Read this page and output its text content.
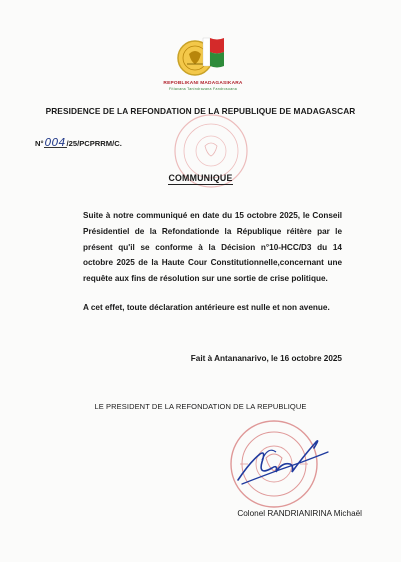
REPOBLIKANI MADAGASIKARA
Fitiavana Tanindrazana Fandrosoana
PRESIDENCE DE LA REFONDATION DE LA REPUBLIQUE DE MADAGASCAR
N°004/25/PCPRRM/C.
COMMUNIQUE

Suite à notre communiqué en date du 15 octobre 2025, le Conseil Présidentiel de la Refondationde la République réitère par le présent qu'il se conforme à la Décision n°10-HCC/D3 du 14 octobre 2025 de la Haute Cour Constitutionnelle,concernant une requête aux fins de résolution sur une sortie de crise politique.

A cet effet, toute déclaration antérieure est nulle et non avenue.

Fait à Antananarivo, le 16 octobre 2025
LE PRESIDENT DE LA REFONDATION DE LA REPUBLIQUE
Colonel RANDRIANIRINA Michaël
